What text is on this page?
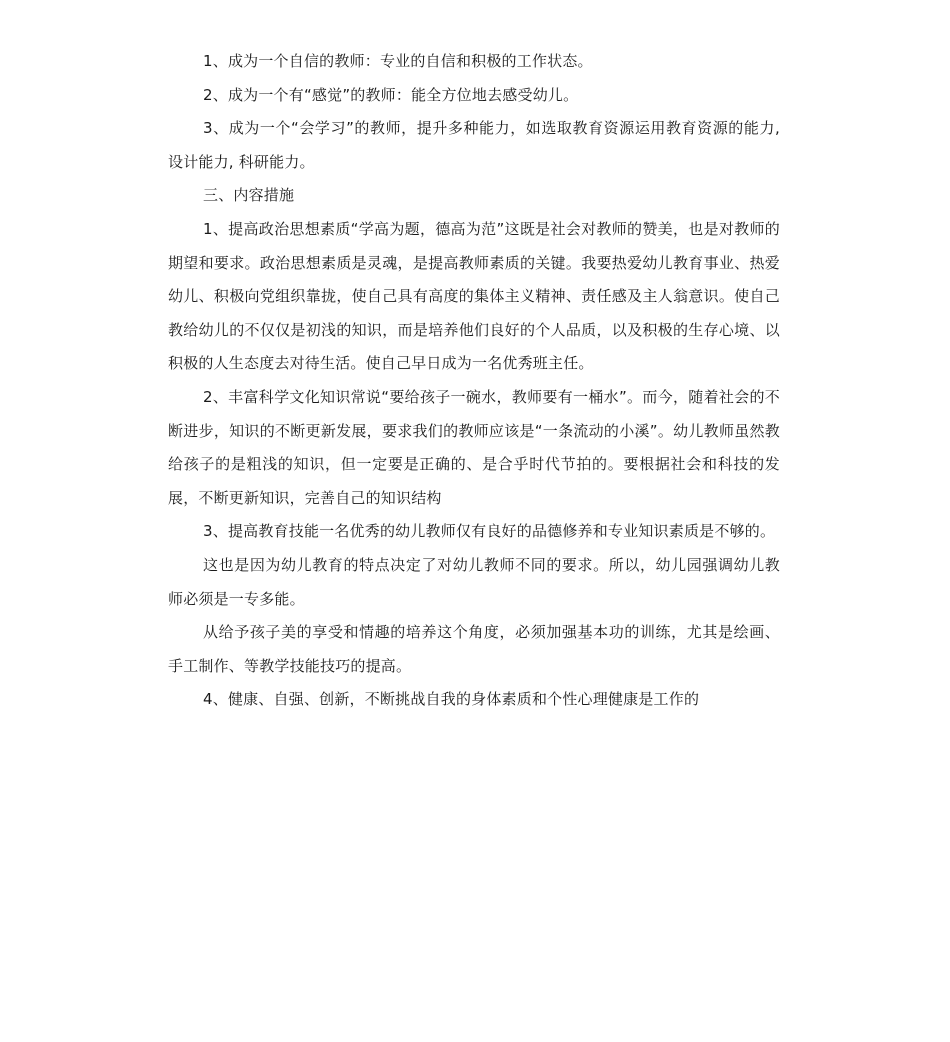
1、成为一个自信的教师：专业的自信和积极的工作状态。

2、成为一个有“感觉”的教师：能全方位地去感受幼儿。

3、成为一个“会学习”的教师，提升多种能力，如选取教育资源运用教育资源的能力, 设计能力, 科研能力。

三、内容措施

1、提高政治思想素质“学高为题，德高为范”这既是社会对教师的赞美，也是对教师的期望和要求。政治思想素质是灵魂，是提高教师素质的关键。我要热爱幼儿教育事业、热爱幼儿、积极向党组织靠拢，使自己具有高度的集体主义精神、责任感及主人翁意识。使自己教给幼儿的不仅仅是初浅的知识，而是培养他们良好的个人品质，以及积极的生存心境、以积极的人生态度去对待生活。使自己早日成为一名优秀班主任。

2、丰富科学文化知识常说“要给孩子一碗水，教师要有一桶水”。而今，随着社会的不断进步，知识的不断更新发展，要求我们的教师应该是“一条流动的小溪”。幼儿教师虽然教给孩子的是粗浅的知识，但一定要是正确的、是合乎时代节拍的。要根据社会和科技的发展，不断更新知识，完善自己的知识结构

3、提高教育技能一名优秀的幼儿教师仅有良好的品德修养和专业知识素质是不够的。

这也是因为幼儿教育的特点决定了对幼儿教师不同的要求。所以，幼儿园强调幼儿教师必须是一专多能。

从给予孩子美的享受和情趣的培养这个角度，必须加强基本功的训练，尤其是绘画、手工制作、等教学技能技巧的提高。

4、健康、自强、创新，不断挑战自我的身体素质和个性心理健康是工作的
